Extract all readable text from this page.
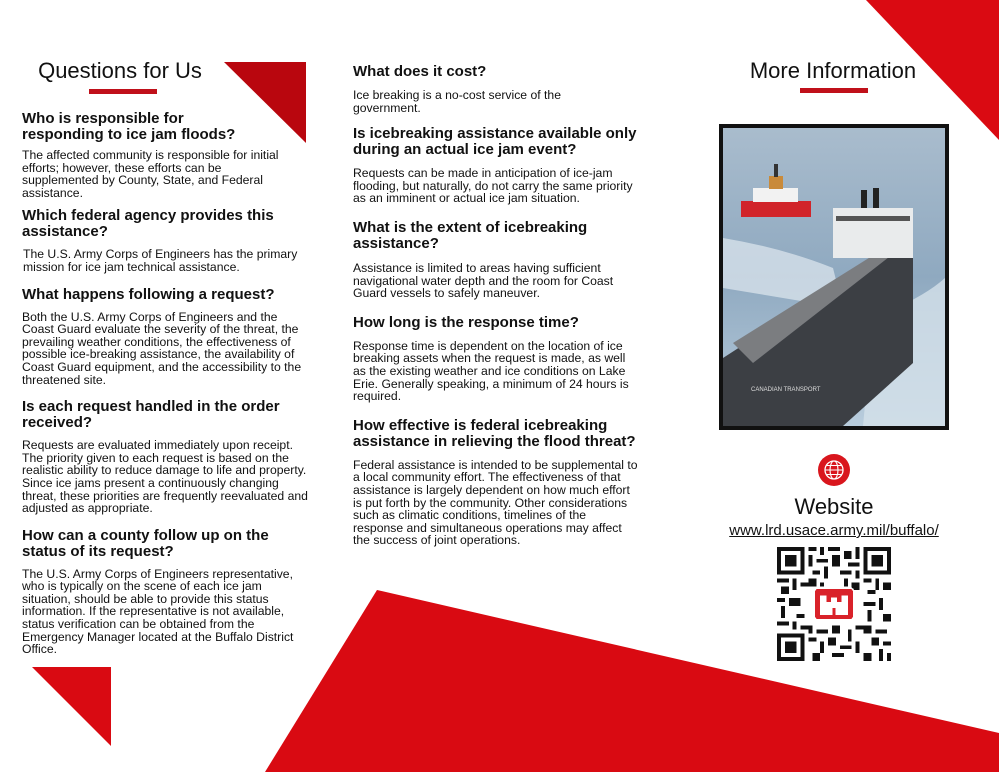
Questions for Us
Who is responsible for responding to ice jam floods?
The affected community is responsible for initial efforts; however, these efforts can be supplemented by County, State, and Federal assistance.
Which federal agency provides this assistance?
The U.S. Army Corps of Engineers has the primary mission for ice jam technical assistance.
What happens following a request?
Both the U.S. Army Corps of Engineers and the Coast Guard evaluate the severity of the threat, the prevailing weather conditions, the effectiveness of possible ice-breaking assistance, the availability of Coast Guard equipment, and the accessibility to the threatened site.
Is each request handled in the order received?
Requests are evaluated immediately upon receipt. The priority given to each request is based on the realistic ability to reduce damage to life and property. Since ice jams present a continuously changing threat, these priorities are frequently reevaluated and adjusted as appropriate.
How can a county follow up on the status of its request?
The U.S. Army Corps of Engineers representative, who is typically on the scene of each ice jam situation, should be able to provide this status information. If the representative is not available, status verification can be obtained from the Emergency Manager located at the Buffalo District Office.
What does it cost?
Ice breaking is a no-cost service of the government.
Is icebreaking assistance available only during an actual ice jam event?
Requests can be made in anticipation of ice-jam flooding, but naturally, do not carry the same priority as an imminent or actual ice jam situation.
What is the extent of icebreaking assistance?
Assistance is limited to areas having sufficient navigational water depth and the room for Coast Guard vessels to safely maneuver.
How long is the response time?
Response time is dependent on the location of ice breaking assets when the request is made, as well as the existing weather and ice conditions on Lake Erie. Generally speaking, a minimum of 24 hours is required.
How effective is federal icebreaking assistance in relieving the flood threat?
Federal assistance is intended to be supplemental to a local community effort. The effectiveness of that assistance is largely dependent on how much effort is put forth by the community. Other considerations such as climatic conditions, timelines of the response and simultaneous operations may affect the success of joint operations.
More Information
CANADIAN TRANSPORT
Website
www.lrd.usace.army.mil/buffalo/
